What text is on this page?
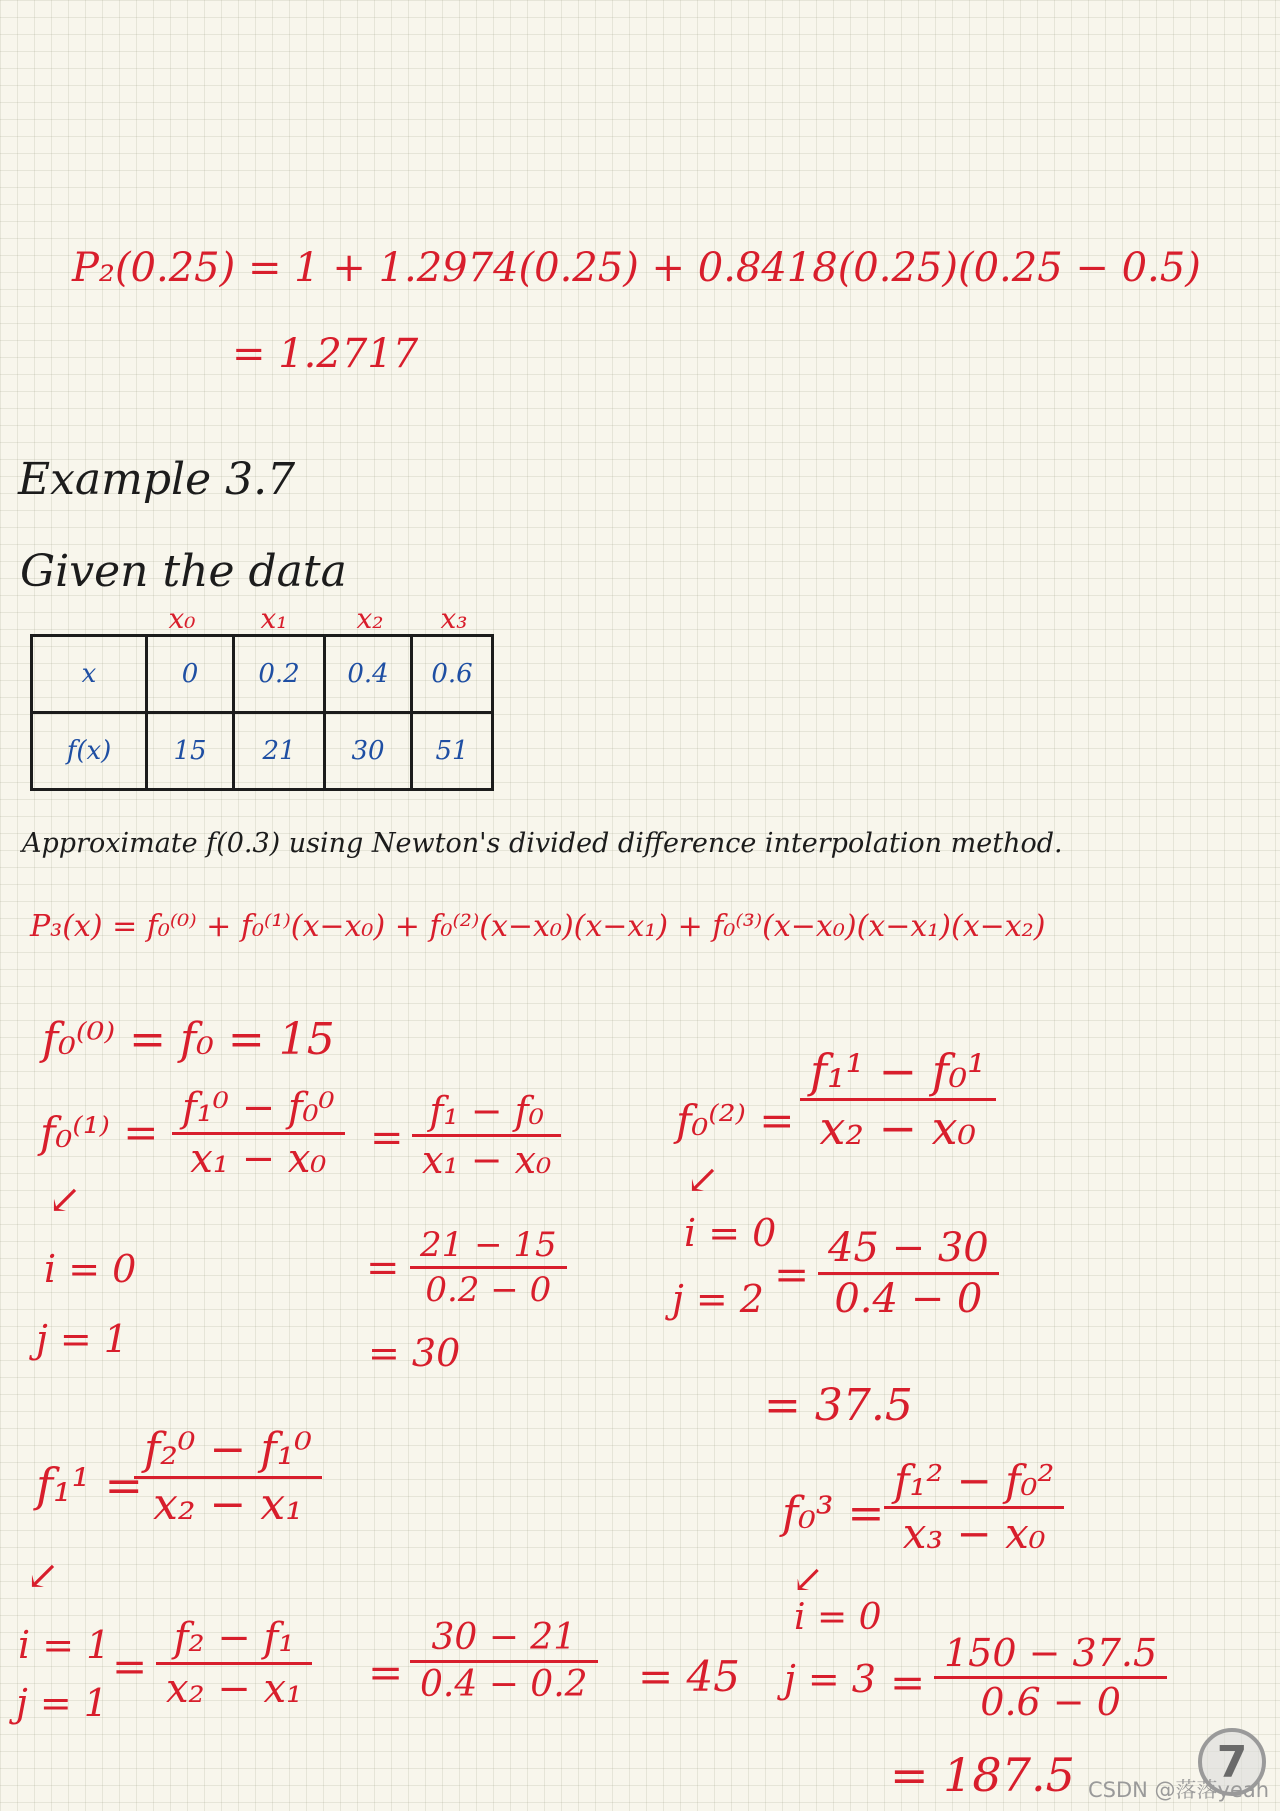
P₂(0.25) = 1 + 1.2974(0.25) + 0.8418(0.25)(0.25 − 0.5)
= 1.2717
Example 3.7
Given the data
x₀	x₁	x₂	x₃
x	0	0.2	0.4	0.6
f(x)	15	21	30	51
Approximate f(0.3) using Newton's divided difference interpolation method.
P₃(x) = f₀⁽⁰⁾ + f₀⁽¹⁾(x−x₀) + f₀⁽²⁾(x−x₀)(x−x₁) + f₀⁽³⁾(x−x₀)(x−x₁)(x−x₂)
f₀⁽⁰⁾ = f₀ = 15
f₀⁽¹⁾ = f₁⁰ − f₀⁰
x₁ − x₀ =
f₁ − f₀
x₁ − x₀
↙
i = 0
j = 1
= 21 − 15
0.2 − 0
= 30
f₀⁽²⁾ =
f₁¹ − f₀¹
x₂ − x₀
↙
i = 0
j = 2 =
45 − 30
0.4 − 0
= 37.5
f₁¹ =
f₂⁰ − f₁⁰
x₂ − x₁
↙
i = 1
j = 1
=
f₂ − f₁
x₂ − x₁ =
30 − 21
0.4 − 0.2 = 45
f₀³ =
f₁² − f₀²
x₃ − x₀
↙
i = 0
j = 3 =
150 − 37.5
0.6 − 0
= 187.5	7
CSDN @落落yeah
